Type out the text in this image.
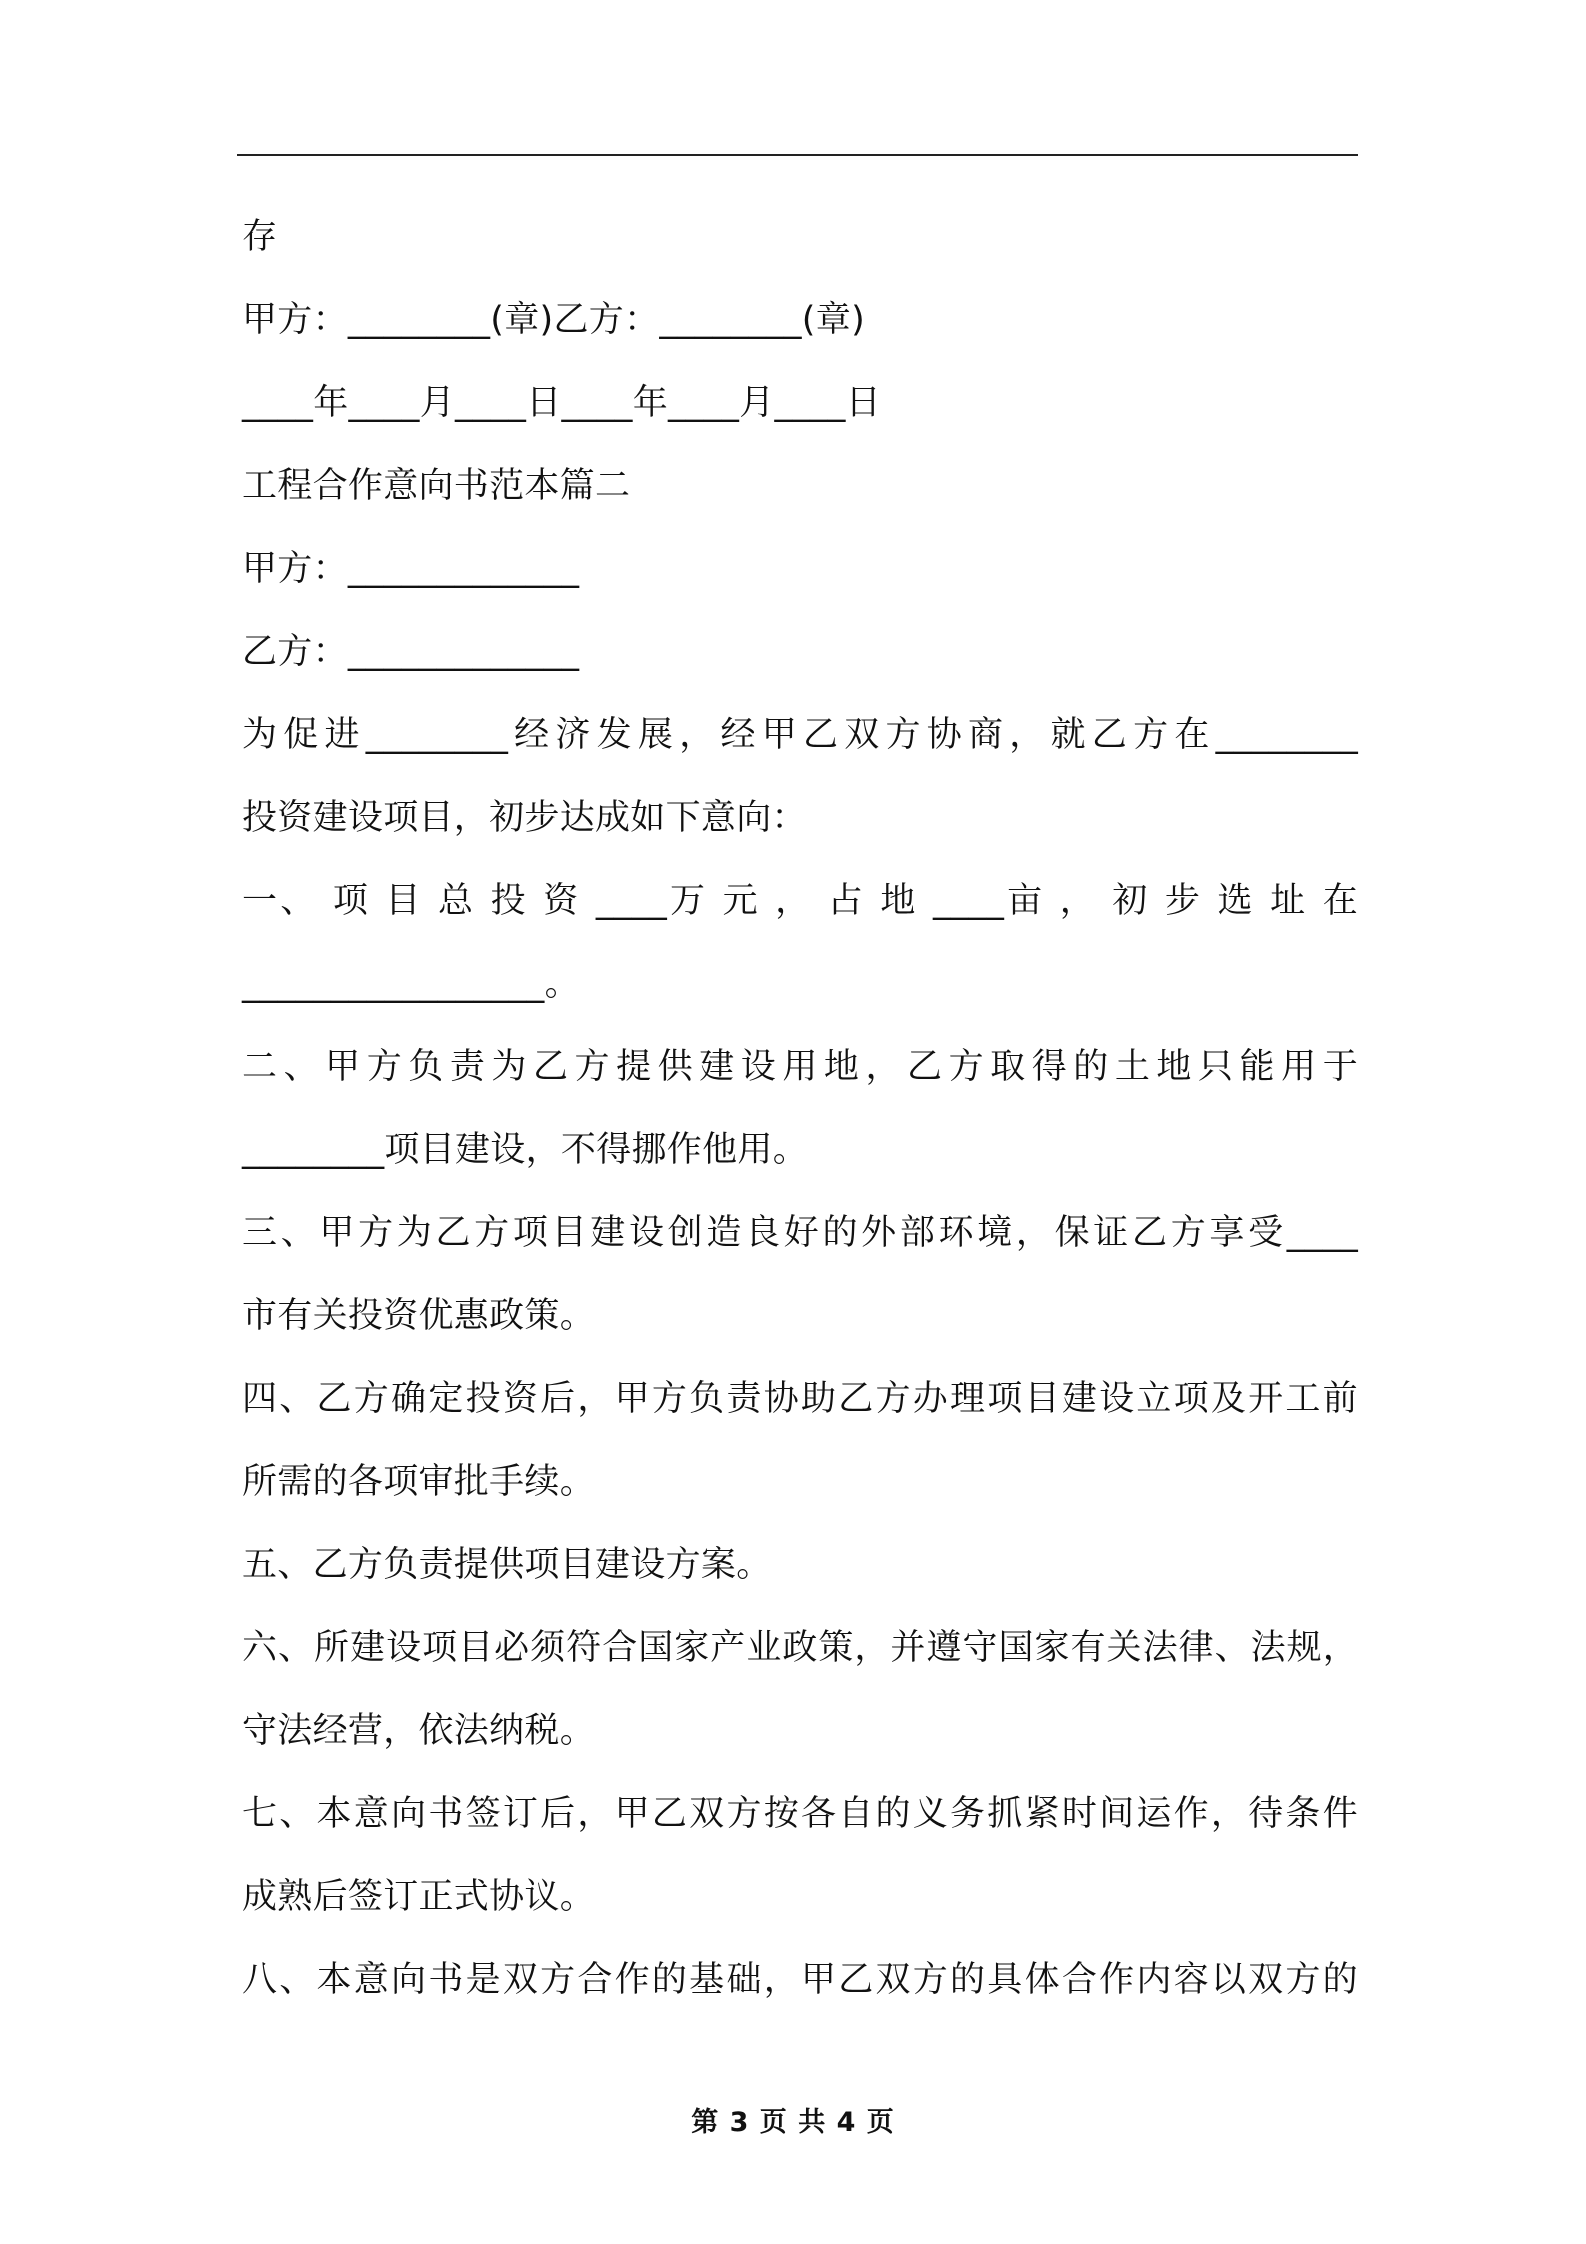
存
甲方：________(章)乙方：________(章)
____年____月____日____年____月____日
工程合作意向书范本篇二
甲方：_____________
乙方：_____________
为促进________经济发展，经甲乙双方协商，就乙方在________
投资建设项目，初步达成如下意向：
一、 项 目 总 投 资 ____万 元 ， 占 地 ____亩 ， 初 步 选 址 在
_________________。
二、甲方负责为乙方提供建设用地，乙方取得的土地只能用于
________项目建设，不得挪作他用。
三、甲方为乙方项目建设创造良好的外部环境，保证乙方享受____
市有关投资优惠政策。
四、乙方确定投资后，甲方负责协助乙方办理项目建设立项及开工前
所需的各项审批手续。
五、乙方负责提供项目建设方案。
六、所建设项目必须符合国家产业政策，并遵守国家有关法律、法规，
守法经营，依法纳税。
七、本意向书签订后，甲乙双方按各自的义务抓紧时间运作，待条件
成熟后签订正式协议。
八、本意向书是双方合作的基础，甲乙双方的具体合作内容以双方的
第 3 页 共 4 页
